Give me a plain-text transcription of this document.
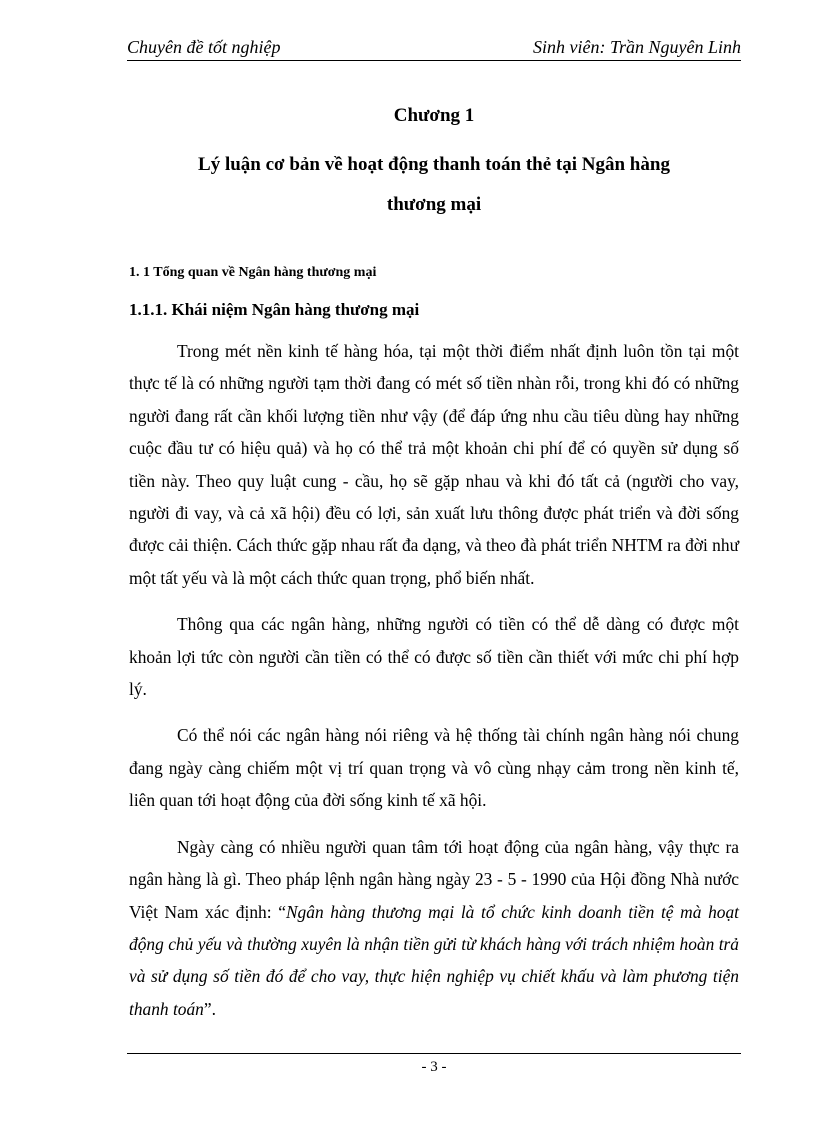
Chuyên đề tốt nghiệp	Sinh viên: Trần Nguyên Linh
Chương 1
Lý luận cơ bản về hoạt động thanh toán thẻ tại Ngân hàng thương mại
1. 1 Tổng quan về Ngân hàng thương mại
1.1.1. Khái niệm Ngân hàng thương mại

Trong mét nền kinh tế hàng hóa, tại một thời điểm nhất định luôn tồn tại một thực tế là có những người tạm thời đang có mét số tiền nhàn rỗi, trong khi đó có những người đang rất cần khối lượng tiền như vậy (để đáp ứng nhu cầu tiêu dùng hay những cuộc đầu tư có hiệu quả) và họ có thể trả một khoản chi phí để có quyền sử dụng số tiền này. Theo quy luật cung - cầu, họ sẽ gặp nhau và khi đó tất cả (người cho vay, người đi vay, và cả xã hội) đều có lợi, sản xuất lưu thông được phát triển và đời sống được cải thiện. Cách thức gặp nhau rất đa dạng, và theo đà phát triển NHTM ra đời như một tất yếu và là một cách thức quan trọng, phổ biến nhất.

Thông qua các ngân hàng, những người có tiền có thể dễ dàng có được một khoản lợi tức còn người cần tiền có thể có được số tiền cần thiết với mức chi phí hợp lý.

Có thể nói các ngân hàng nói riêng và hệ thống tài chính ngân hàng nói chung đang ngày càng chiếm một vị trí quan trọng và vô cùng nhạy cảm trong nền kinh tế, liên quan tới hoạt động của đời sống kinh tế xã hội.

Ngày càng có nhiều người quan tâm tới hoạt động của ngân hàng, vậy thực ra ngân hàng là gì. Theo pháp lệnh ngân hàng ngày 23 - 5 - 1990 của Hội đồng Nhà nước Việt Nam xác định: “Ngân hàng thương mại là tổ chức kinh doanh tiền tệ mà hoạt động chủ yếu và thường xuyên là nhận tiền gửi từ khách hàng với trách nhiệm hoàn trả và sử dụng số tiền đó để cho vay, thực hiện nghiệp vụ chiết khấu và làm phương tiện thanh toán”.

- 3 -
